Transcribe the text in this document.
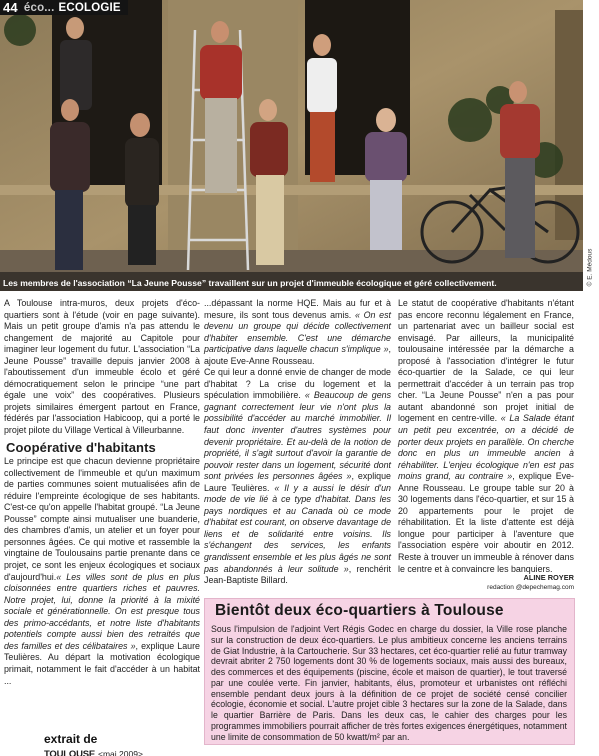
44 éco... ECOLOGIE
Les membres de l'association “La Jeune Pousse” travaillent sur un projet d'immeuble écologique et géré collectivement.	© E. Médous

A Toulouse intra-muros, deux projets d'éco-quartiers sont à l'étude (voir en page suivante). Mais un petit groupe d'amis n'a pas attendu le changement de majorité au Capitole pour imaginer leur logement du futur. L'association “La Jeune Pousse” travaille depuis janvier 2008 à l'aboutissement d'un immeuble écolo et géré démocratiquement selon le principe “une part égale une voix” des coopératives. Plusieurs projets similaires émergent partout en France, fédérés par l'association Habicoop, qui a porté le projet pilote du Village Vertical à Villeurbanne.

Coopérative d'habitants

Le principe est que chacun devienne propriétaire collectivement de l'immeuble et qu'un maximum de parties communes soient mutualisées afin de réduire l'empreinte écologique de ses habitants. C'est-ce qu'on appelle l'habitat groupé. “La Jeune Pousse” compte ainsi mutualiser une buanderie, des chambres d'amis, un atelier et un foyer pour personnes âgées. Ce qui motive et rassemble la vingtaine de Toulousains partie prenante dans ce projet, ce sont les enjeux écologiques et sociaux d'aujourd'hui.« Les villes sont de plus en plus cloisonnées entre quartiers riches et pauvres. Notre projet, lui, donne la priorité à la mixité sociale et générationnelle. On est presque tous des primo-accédants, et notre liste d'habitants potentiels compte aussi bien des retraités que des familles et des célibataires », explique Laure Teulières. Au départ la motivation écologique primait, notamment le fait d'accéder à un habitat ...

...dépassant la norme HQE. Mais au fur et à mesure, ils sont tous devenus amis. « On est devenu un groupe qui décide collectivement d'habiter ensemble. C'est une démarche participative dans laquelle chacun s'implique », ajoute Eve-Anne Rousseau.

Ce qui leur a donné envie de changer de mode d'habitat ? La crise du logement et la spéculation immobilière. « Beaucoup de gens gagnant correctement leur vie n'ont plus la possibilité d'accéder au marché immobilier. Il faut donc inventer d'autres systèmes pour devenir propriétaire. Et au-delà de la notion de propriété, il s'agit surtout d'avoir la garantie de pouvoir rester dans un logement, sécurité dont sont privées les personnes âgées », explique Laure Teulières. « Il y a aussi le désir d'un mode de vie lié à ce type d'habitat. Dans les pays nordiques et au Canada où ce mode d'habitat est courant, on observe davantage de liens et de solidarité entre voisins. Ils s'échangent des services, les enfants grandissent ensemble et les plus âgés ne sont pas abandonnés à leur solitude », renchérit Jean-Baptiste Billard.

Le statut de coopérative d'habitants n'étant pas encore reconnu légalement en France, un partenariat avec un bailleur social est envisagé. Par ailleurs, la municipalité toulousaine intéressée par la démarche a proposé à l'association d'intégrer le futur éco-quartier de la Salade, ce qui leur permettrait d'accéder à un terrain pas trop cher. “La Jeune Pousse” n'en a pas pour autant abandonné son projet initial de logement en centre-ville. « La Salade étant un petit peu excentrée, on a décidé de porter deux projets en parallèle. On cherche donc en plus un immeuble ancien à réhabiliter. L'enjeu écologique n'en est pas moins grand, au contraire », explique Eve-Anne Rousseau. Le groupe table sur 20 à 30 logements dans l'éco-quartier, et sur 15 à 20 appartements pour le projet de réhabilitation. Et la liste d'attente est déjà longue pour participer à l'aventure que l'association espère voir aboutir en 2012. Reste à trouver un immeuble à rénover dans le centre et à convaincre les banquiers.

ALINE ROYER
redaction @depechemag.com
Bientôt deux éco-quartiers à Toulouse

Sous l'impulsion de l'adjoint Vert Régis Godec en charge du dossier, la Ville rose planche sur la construction de deux éco-quartiers. Le plus ambitieux concerne les anciens terrains de Giat Industrie, à la Cartoucherie. Sur 33 hectares, cet éco-quartier relié au futur tramway devrait abriter 2 750 logements dont 30 % de logements sociaux, mais aussi des bureaux, des commerces et des équipements (piscine, école et maison de quartier), le tout traversé par une coulée verte. Fin janvier, habitants, élus, promoteur et urbanistes ont réfléchi ensemble pendant deux jours à la définition de ce projet de société censé concilier écologie, économie et social. L'autre projet cible 3 hectares sur la zone de la Salade, dans le quartier Barrière de Paris. Dans les deux cas, le cahier des charges pour les programmes immobiliers pourrait afficher de très fortes exigences énergétiques, notamment une limite de consommation de 50 kwatt/m² par an.

extrait de
TOULOUSE <mai 2009>
